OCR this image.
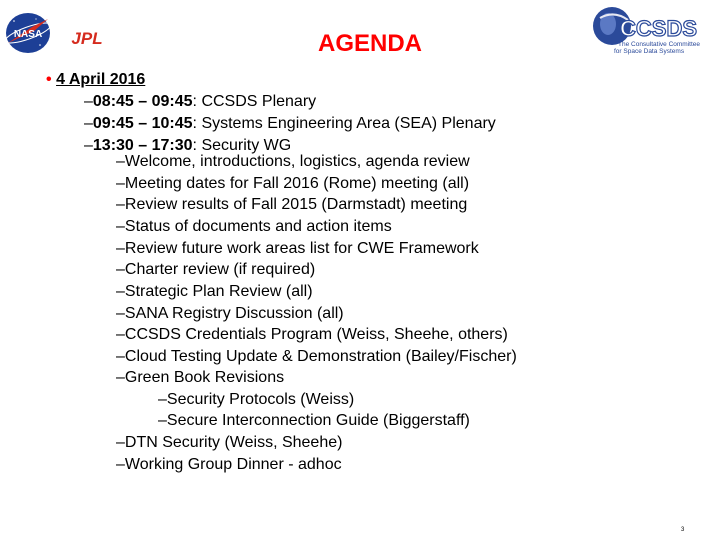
NASA JPL	CCSDS
The Consultative Committee
for Space Data Systems
AGENDA
• 4 April 2016
–08:45 – 09:45: CCSDS Plenary
–09:45 – 10:45: Systems Engineering Area (SEA) Plenary
–13:30 – 17:30: Security WG
–Welcome, introductions, logistics, agenda review
–Meeting dates for Fall 2016 (Rome) meeting (all)
–Review results of Fall 2015 (Darmstadt) meeting
–Status of documents and action items
–Review future work areas list for CWE Framework
–Charter review (if required)
–Strategic Plan Review (all)
–SANA Registry Discussion (all)
–CCSDS Credentials Program (Weiss, Sheehe, others)
–Cloud Testing Update & Demonstration (Bailey/Fischer)
–Green Book Revisions
–Security Protocols (Weiss)
–Secure Interconnection Guide (Biggerstaff)
–DTN Security (Weiss, Sheehe)
–Working Group Dinner - adhoc
3
